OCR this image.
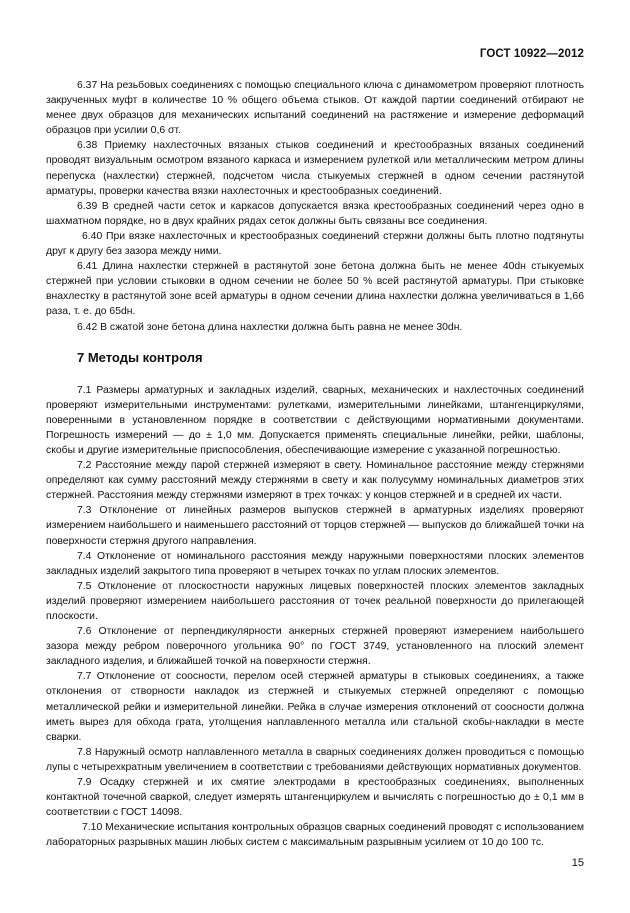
ГОСТ 10922—2012

6.37 На резьбовых соединениях с помощью специального ключа с динамометром проверяют плотность закрученных муфт в количестве 10 % общего объема стыков. От каждой партии соединений отбирают не менее двух образцов для механических испытаний соединений на растяжение и измерение деформаций образцов при усилии 0,6 σт.

6.38 Приемку нахлесточных вязаных стыков соединений и крестообразных вязаных соединений проводят визуальным осмотром вязаного каркаса и измерением рулеткой или металлическим метром длины перепуска (нахлестки) стержней, подсчетом числа стыкуемых стержней в одном сечении растянутой арматуры, проверки качества вязки нахлесточных и крестообразных соединений.

6.39 В средней части сеток и каркасов допускается вязка крестообразных соединений через одно в шахматном порядке, но в двух крайних рядах сеток должны быть связаны все соединения.

6.40 При вязке нахлесточных и крестообразных соединений стержни должны быть плотно подтянуты друг к другу без зазора между ними.

6.41 Длина нахлестки стержней в растянутой зоне бетона должна быть не менее 40dн стыкуемых стержней при условии стыковки в одном сечении не более 50 % всей растянутой арматуры. При стыковке внахлестку в растянутой зоне всей арматуры в одном сечении длина нахлестки должна увеличиваться в 1,66 раза, т. е. до 65dн.

6.42 В сжатой зоне бетона длина нахлестки должна быть равна не менее 30dн.

7 Методы контроля

7.1 Размеры арматурных и закладных изделий, сварных, механических и нахлесточных соединений проверяют измерительными инструментами: рулетками, измерительными линейками, штангенциркулями, поверенными в установленном порядке в соответствии с действующими нормативными документами. Погрешность измерений — до ± 1,0 мм. Допускается применять специальные линейки, рейки, шаблоны, скобы и другие измерительные приспособления, обеспечивающие измерение с указанной погрешностью.

7.2 Расстояние между парой стержней измеряют в свету. Номинальное расстояние между стержнями определяют как сумму расстояний между стержнями в свету и как полусумму номинальных диаметров этих стержней. Расстояния между стержнями измеряют в трех точках: у концов стержней и в средней их части.

7.3 Отклонение от линейных размеров выпусков стержней в арматурных изделиях проверяют измерением наибольшего и наименьшего расстояний от торцов стержней — выпусков до ближайшей точки на поверхности стержня другого направления.

7.4 Отклонение от номинального расстояния между наружными поверхностями плоских элементов закладных изделий закрытого типа проверяют в четырех точках по углам плоских элементов.

7.5 Отклонение от плоскостности наружных лицевых поверхностей плоских элементов закладных изделий проверяют измерением наибольшего расстояния от точек реальной поверхности до прилегающей плоскости.

7.6 Отклонение от перпендикулярности анкерных стержней проверяют измерением наибольшего зазора между ребром поверочного угольника 90° по ГОСТ 3749, установленного на плоский элемент закладного изделия, и ближайшей точкой на поверхности стержня.

7.7 Отклонение от соосности, перелом осей стержней арматуры в стыковых соединениях, а также отклонения от створности накладок из стержней и стыкуемых стержней определяют с помощью металлической рейки и измерительной линейки. Рейка в случае измерения отклонений от соосности должна иметь вырез для обхода грата, утолщения наплавленного металла или стальной скобы-накладки в месте сварки.

7.8 Наружный осмотр наплавленного металла в сварных соединениях должен проводиться с помощью лупы с четырехкратным увеличением в соответствии с требованиями действующих нормативных документов.

7.9 Осадку стержней и их смятие электродами в крестообразных соединениях, выполненных контактной точечной сваркой, следует измерять штангенциркулем и вычислять с погрешностью до ± 0,1 мм в соответствии с ГОСТ 14098.

7.10 Механические испытания контрольных образцов сварных соединений проводят с использованием лабораторных разрывных машин любых систем с максимальным разрывным усилием от 10 до 100 тс.

15
